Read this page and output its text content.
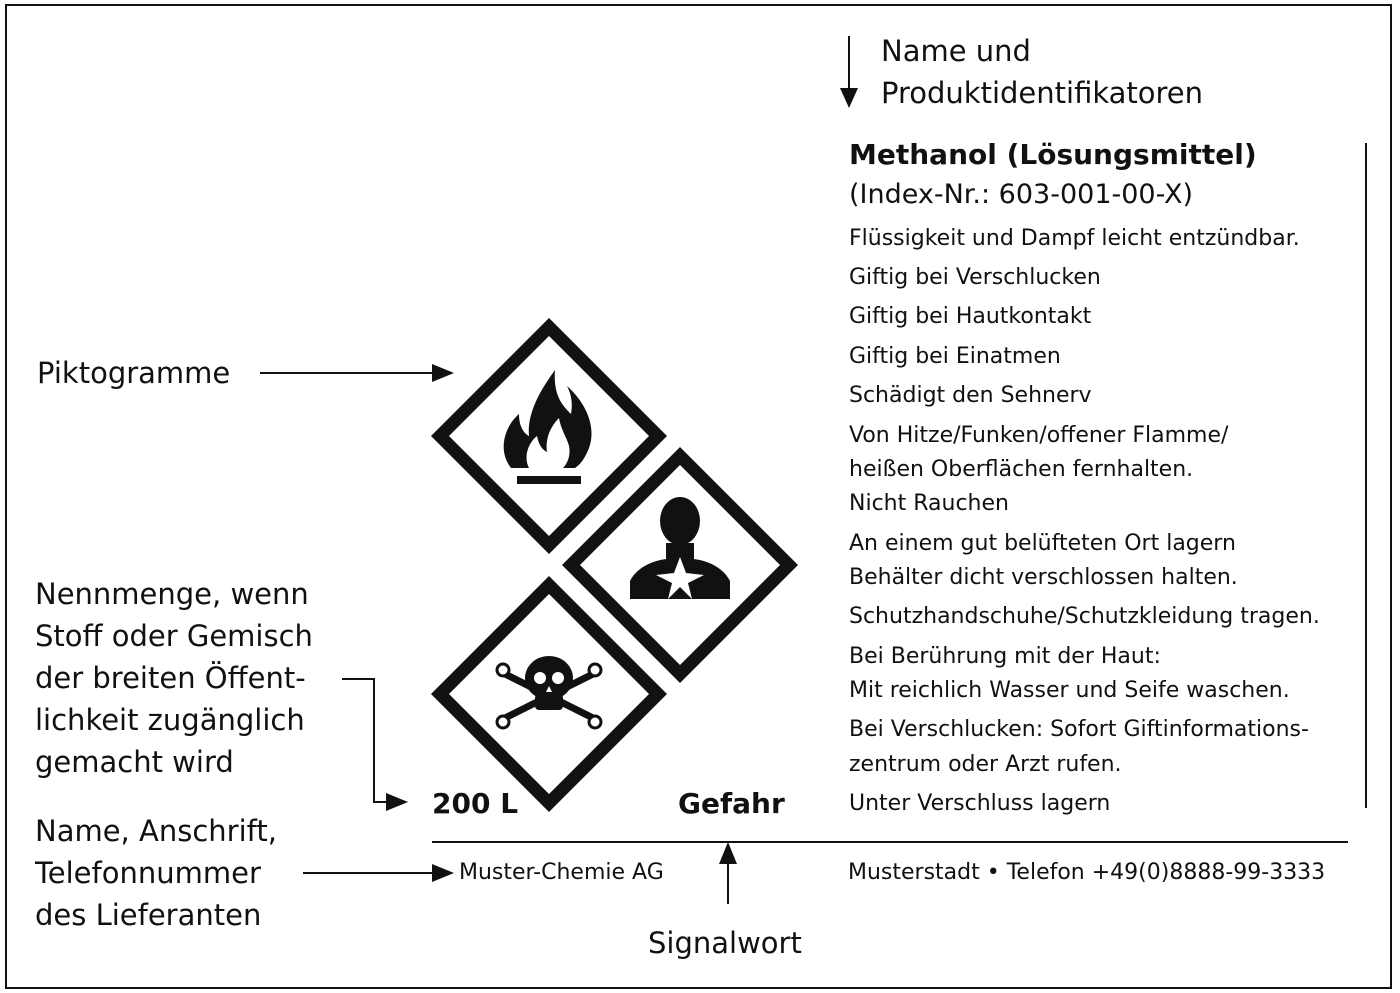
Name und
Produktidentifikatoren
Piktogramme
Nennmenge, wenn
Stoff oder Gemisch
der breiten Öffent-
lichkeit zugänglich
gemacht wird
Name, Anschrift,
Telefonnummer
des Lieferanten
Signalwort
Methanol (Lösungsmittel)
(Index-Nr.: 603-001-00-X)
Flüssigkeit und Dampf leicht entzündbar.
Giftig bei Verschlucken
Giftig bei Hautkontakt
Giftig bei Einatmen
Schädigt den Sehnerv
Von Hitze/Funken/offener Flamme/
heißen Oberflächen fernhalten.
Nicht Rauchen
An einem gut belüfteten Ort lagern
Behälter dicht verschlossen halten.
Schutzhandschuhe/Schutzkleidung tragen.
Bei Berührung mit der Haut:
Mit reichlich Wasser und Seife waschen.
Bei Verschlucken: Sofort Giftinformations-
zentrum oder Arzt rufen.
Unter Verschluss lagern
200 L	Gefahr
Muster-Chemie AG	Musterstadt • Telefon +49(0)8888-99-3333
